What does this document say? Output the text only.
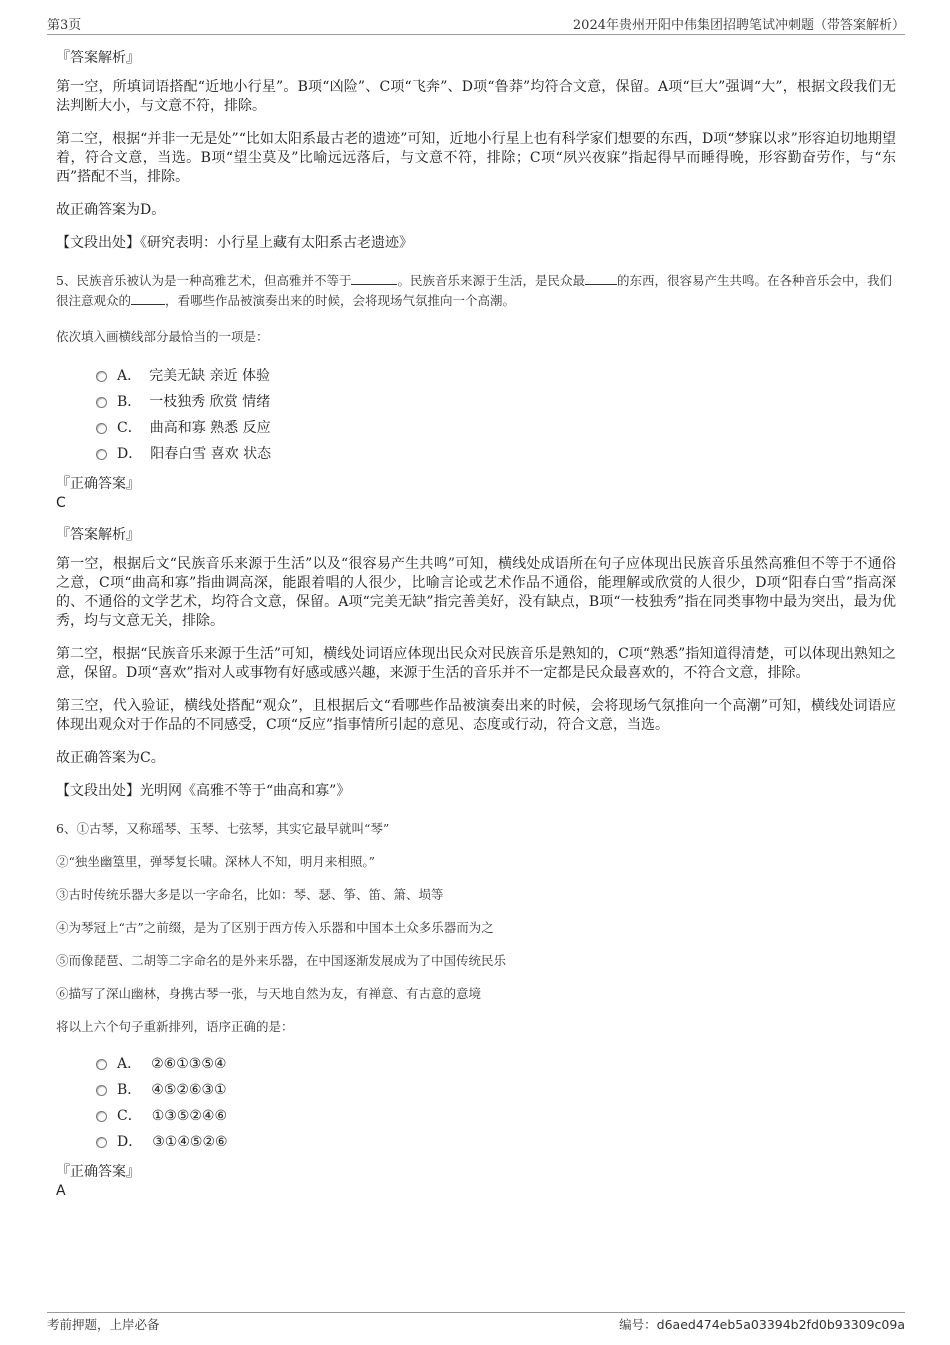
第3页	2024年贵州开阳中伟集团招聘笔试冲刺题（带答案解析）

『答案解析』

第一空，所填词语搭配“近地小行星”。B项“凶险”、C项“飞奔”、D项“鲁莽”均符合文意，保留。A项“巨大”强调“大”，根据文段我们无法判断大小，与文意不符，排除。

第二空，根据“并非一无是处”“比如太阳系最古老的遗迹”可知，近地小行星上也有科学家们想要的东西，D项“梦寐以求”形容迫切地期望着，符合文意，当选。B项“望尘莫及”比喻远远落后，与文意不符，排除；C项“夙兴夜寐”指起得早而睡得晚，形容勤奋劳作，与“东西”搭配不当，排除。

故正确答案为D。

【文段出处】《研究表明：小行星上藏有太阳系古老遗迹》

5、民族音乐被认为是一种高雅艺术，但高雅并不等于	。民族音乐来源于生活，是民众最	的东西，很容易产生共鸣。在各种音乐会中，我们很注意观众的	，看哪些作品被演奏出来的时候，会将现场气氛推向一个高潮。

依次填入画横线部分最恰当的一项是：

A． 完美无缺 亲近 体验
B． 一枝独秀 欣赏 情绪
C． 曲高和寡 熟悉 反应
D． 阳春白雪 喜欢 状态

『正确答案』

C

『答案解析』

第一空，根据后文“民族音乐来源于生活”以及“很容易产生共鸣”可知，横线处成语所在句子应体现出民族音乐虽然高雅但不等于不通俗之意，C项“曲高和寡”指曲调高深，能跟着唱的人很少，比喻言论或艺术作品不通俗，能理解或欣赏的人很少，D项“阳春白雪”指高深的、不通俗的文学艺术，均符合文意，保留。A项“完美无缺”指完善美好，没有缺点，B项“一枝独秀”指在同类事物中最为突出，最为优秀，均与文意无关，排除。

第二空，根据“民族音乐来源于生活”可知，横线处词语应体现出民众对民族音乐是熟知的，C项“熟悉”指知道得清楚，可以体现出熟知之意，保留。D项“喜欢”指对人或事物有好感或感兴趣，来源于生活的音乐并不一定都是民众最喜欢的，不符合文意，排除。

第三空，代入验证，横线处搭配“观众”，且根据后文“看哪些作品被演奏出来的时候，会将现场气氛推向一个高潮”可知，横线处词语应体现出观众对于作品的不同感受，C项“反应”指事情所引起的意见、态度或行动，符合文意，当选。

故正确答案为C。

【文段出处】光明网《高雅不等于“曲高和寡”》

6、①古琴，又称瑶琴、玉琴、七弦琴，其实它最早就叫“琴”

②“独坐幽篁里，弹琴复长啸。深林人不知，明月来相照。”

③古时传统乐器大多是以一字命名，比如：琴、瑟、筝、笛、箫、埙等

④为琴冠上“古”之前缀，是为了区别于西方传入乐器和中国本土众多乐器而为之

⑤而像琵琶、二胡等二字命名的是外来乐器，在中国逐渐发展成为了中国传统民乐

⑥描写了深山幽林，身携古琴一张，与天地自然为友，有禅意、有古意的意境

将以上六个句子重新排列，语序正确的是：

A． ②⑥①③⑤④
B． ④⑤②⑥③①
C． ①③⑤②④⑥
D． ③①④⑤②⑥

『正确答案』

A

考前押题，上岸必备	编号：d6aed474eb5a03394b2fd0b93309c09a
